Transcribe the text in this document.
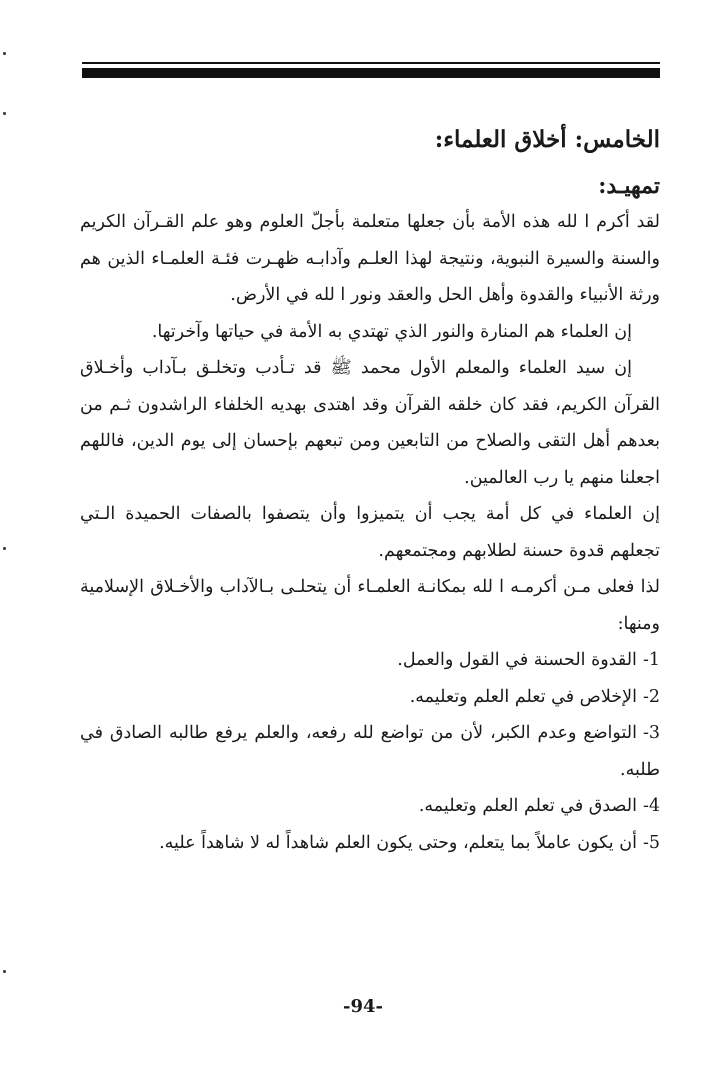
الخامس: أخلاق العلماء:
تمهيـد:

لقد أكرم ا لله هذه الأمة بأن جعلها متعلمة بأجلّ العلوم وهو علم القـرآن الكريم والسنة والسيرة النبوية، ونتيجة لهذا العلـم وآدابـه ظهـرت فئـة العلمـاء الذين هم ورثة الأنبياء والقدوة وأهل الحل والعقد ونور ا لله في الأرض.

إن العلماء هم المنارة والنور الذي تهتدي به الأمة في حياتها وآخرتها.

إن سيد العلماء والمعلم الأول محمد ﷺ قد تـأدب وتخلـق بـآداب وأخـلاق القرآن الكريم، فقد كان خلقه القرآن وقد اهتدى بهديه الخلفاء الراشدون ثـم من بعدهم أهل التقى والصلاح من التابعين ومن تبعهم بإحسان إلى يوم الدين، فاللهم اجعلنا منهم يا رب العالمين.

إن العلماء في كل أمة يجب أن يتميزوا وأن يتصفوا بالصفات الحميدة الـتي تجعلهم قدوة حسنة لطلابهم ومجتمعهم.

لذا فعلى مـن أكرمـه ا لله بمكانـة العلمـاء أن يتحلـى بـالآداب والأخـلاق الإسلامية ومنها:

1-القدوة الحسنة في القول والعمل.
2-الإخلاص في تعلم العلم وتعليمه.
3-التواضع وعدم الكبر، لأن من تواضع لله رفعه، والعلم يرفع طالبه الصادق في طلبه.
4-الصدق في تعلم العلم وتعليمه.
5-أن يكون عاملاً بما يتعلم، وحتى يكون العلم شاهداً له لا شاهداً عليه.
-94-
